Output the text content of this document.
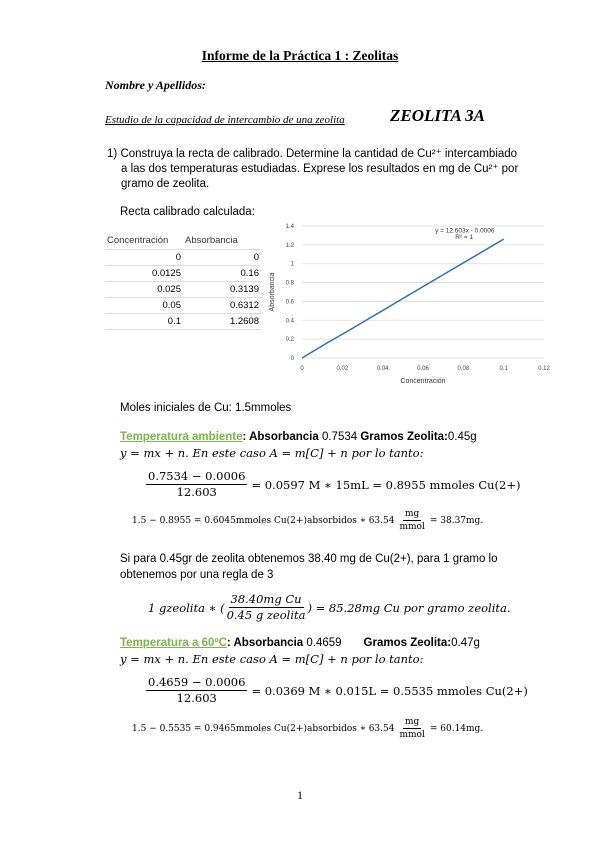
Informe de la Práctica 1 : Zeolitas
Nombre y Apellidos:
Estudio de la capacidad de intercambio de una zeolita	ZEOLITA 3A
1) Construya la recta de calibrado. Determine la cantidad de Cu²⁺ intercambiado
a las dos temperaturas estudiadas. Exprese los resultados en mg de Cu²⁺ por
gramo de zeolita.
Recta calibrado calculada:
Concentración	Absorbancia
0	0
0.0125	0.16
0.025	0.3139
0.05	0.6312
0.1	1.2608
0
0.2
0.4
0.6
0.8
1
1.2
1.4
0	0.02	0.04	0.06	0.08	0.1	0.12
y = 12.603x - 0.0006
R² = 1
Concentración
Absorbancia
Moles iniciales de Cu: 1.5mmoles
Temperatura ambiente: Absorbancia 0.7534 Gramos Zeolita:0.45g
y = mx + n. En este caso A = m[C] + n por lo tanto:
$\frac{0.7534 - 0.0006}{12.603} = 0.0597$ M ∗ 15mL = 0.8955 mmoles Cu(2+)
1.5 − 0.8955 = 0.6045mmoles Cu(2+)absorbidos ∗ $63.54 \frac{mg}{\text{mmol}} = 38.37mg$.
Si para 0.45gr de zeolita obtenemos 38.40 mg de Cu(2+), para 1 gramo lo
obtenemos por una regla de 3
1 gzeolita ∗ ( $\frac{\text{38.40mg Cu}}{\text{0.45 g zeolita}}$ ) = 85.28mg Cu por gramo zeolita.
Temperatura a 60ºC: Absorbancia 0.4659 Gramos Zeolita:0.47g
y = mx + n. En este caso A = m[C] + n por lo tanto:
$\frac{0.4659 - 0.0006}{12.603} = 0.0369$ M ∗ 0.015L = 0.5535 mmoles Cu(2+)
1.5 − 0.5535 = 0.9465mmoles Cu(2+)absorbidos ∗ $63.54 \frac{mg}{\text{mmol}} = 60.14mg$.
1
